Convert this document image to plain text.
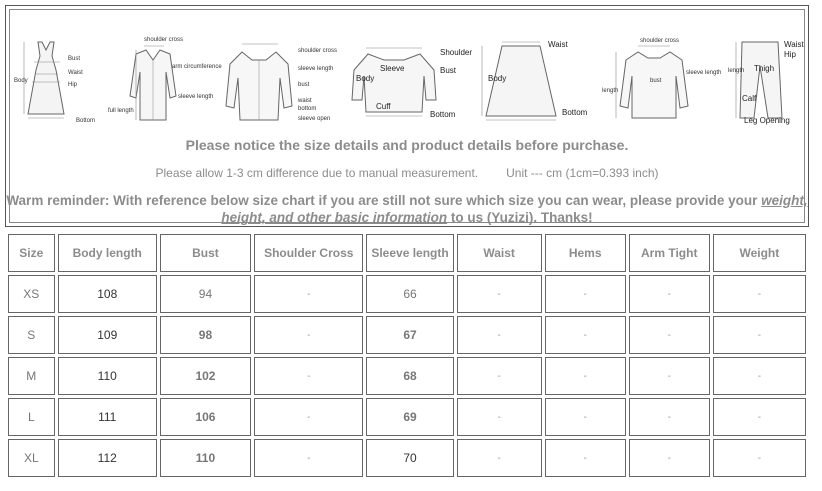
Bust
Waist
Hip
Body
Bottom
shoulder cross
arm circumference
sleeve length
full length
shoulder cross
sleeve length
bust
waist
bottom
sleeve open
Shoulder
Sleeve	Bust
Body
Cuff
Bottom
Waist
Body
Bottom
shoulder cross
sleeve length
bust
length
Waist
Hip
Thigh
length
Calf
Leg Opening
Please notice the size details and product details before purchase.
Please allow 1-3 cm difference due to manual measurement. Unit --- cm (1cm=0.393 inch)
Warm reminder: With reference below size chart if you are still not sure which size you can wear, please provide your weight,
height, and other basic information to us (Yuzizi). Thanks!
Size	Body length	Bust	Shoulder Cross	Sleeve length	Waist	Hems	Arm Tight	Weight
XS	108	94	-	66	-	-	-	-
S	109	98	-	67	-	-	-	-
M	110	102	-	68	-	-	-	-
L	111	106	-	69	-	-	-	-
XL	112	110	-	70	-	-	-	-
